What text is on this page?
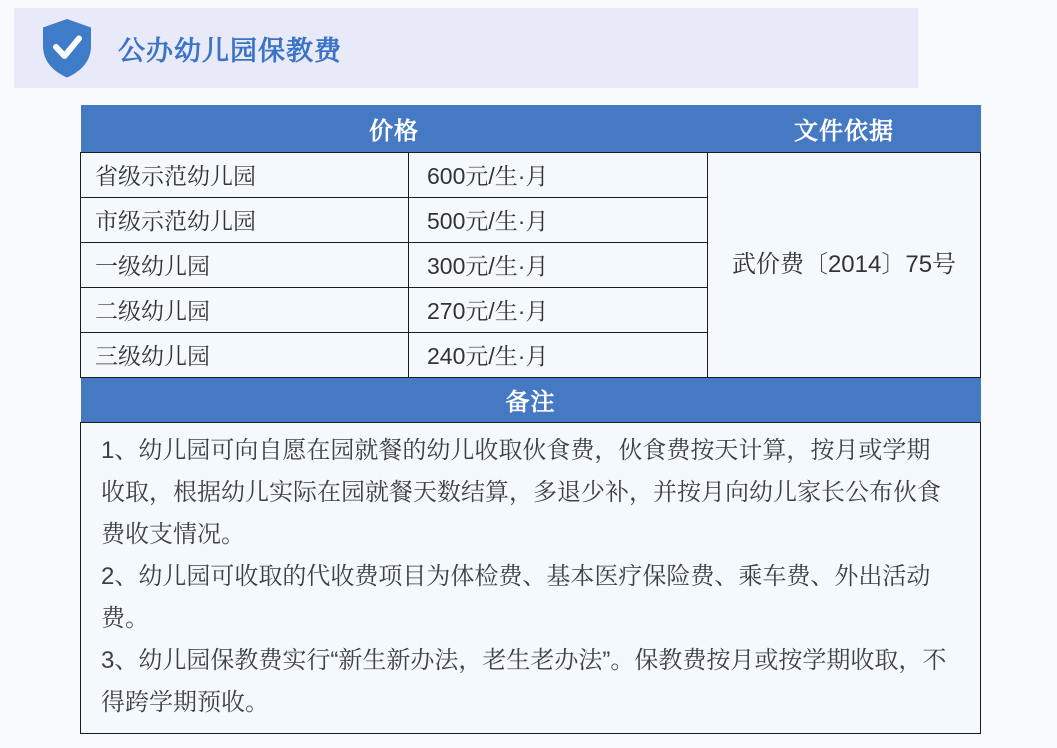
公办幼儿园保教费
价格		文件依据
省级示范幼儿园	600元/生·月	武价费〔2014〕75号
市级示范幼儿园	500元/生·月	
一级幼儿园	300元/生·月	
二级幼儿园	270元/生·月	
三级幼儿园	240元/生·月	
备注		

1、幼儿园可向自愿在园就餐的幼儿收取伙食费，伙食费按天计算，按月或学期收取，根据幼儿实际在园就餐天数结算，多退少补，并按月向幼儿家长公布伙食费收支情况。

2、幼儿园可收取的代收费项目为体检费、基本医疗保险费、乘车费、外出活动费。

3、幼儿园保教费实行“新生新办法，老生老办法”。保教费按月或按学期收取，不得跨学期预收。		
